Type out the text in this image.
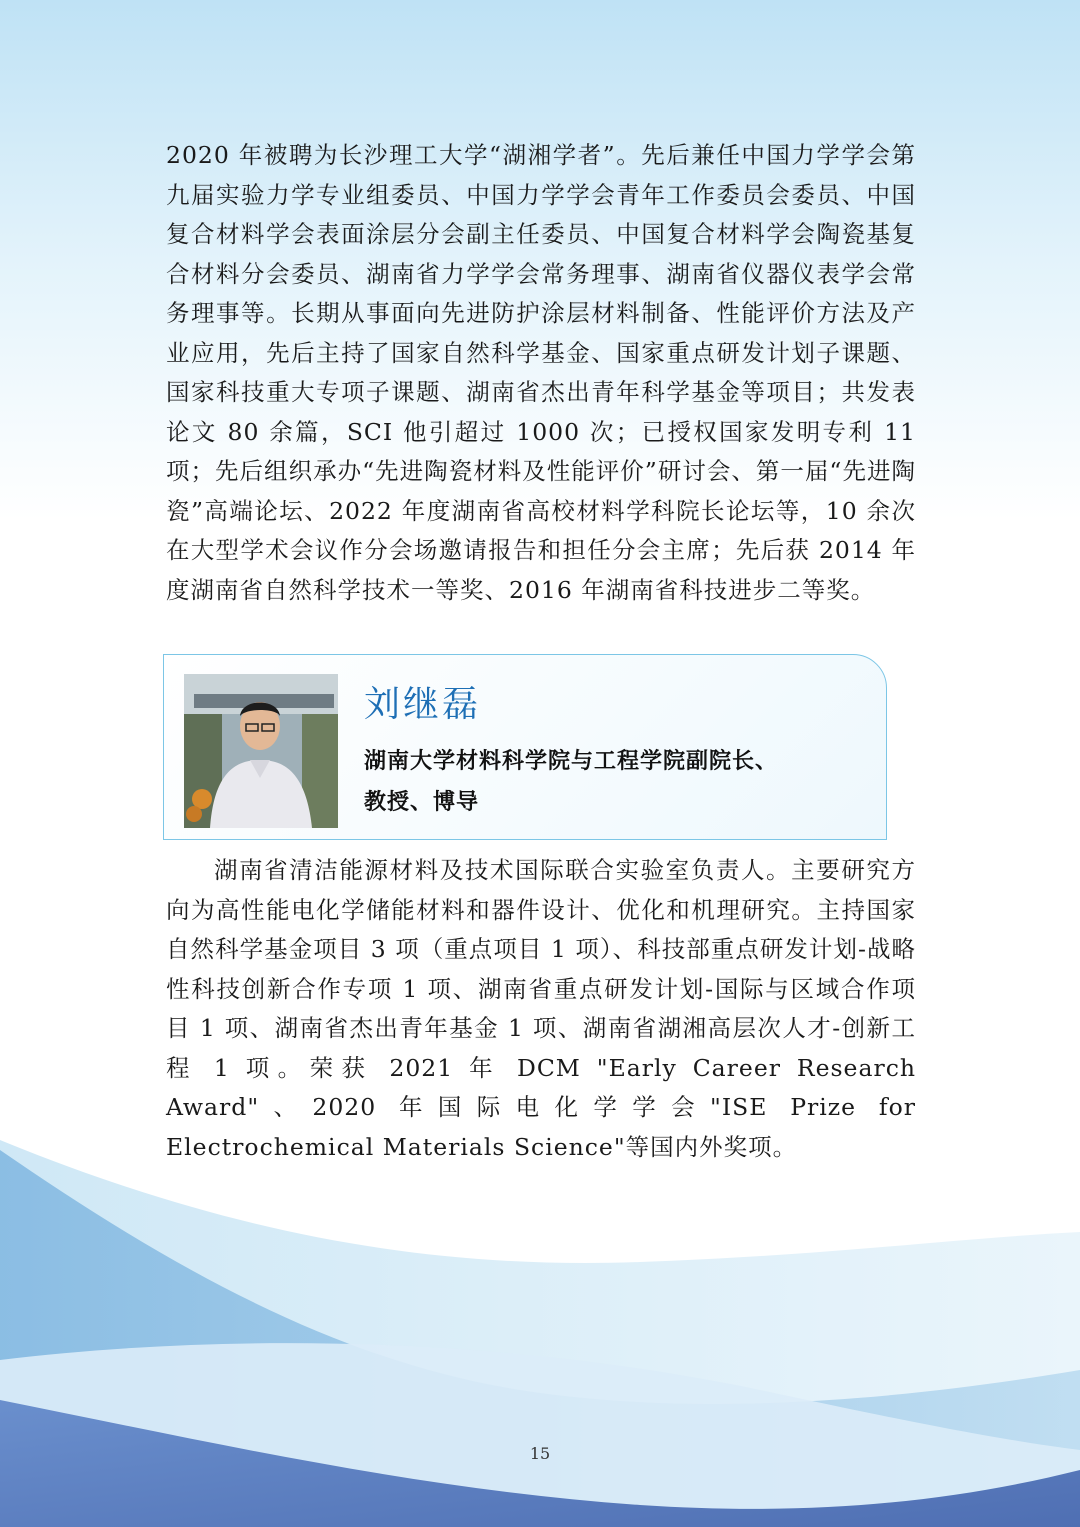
2020 年被聘为长沙理工大学“湖湘学者”。先后兼任中国力学学会第九届实验力学专业组委员、中国力学学会青年工作委员会委员、中国复合材料学会表面涂层分会副主任委员、中国复合材料学会陶瓷基复合材料分会委员、湖南省力学学会常务理事、湖南省仪器仪表学会常务理事等。长期从事面向先进防护涂层材料制备、性能评价方法及产业应用，先后主持了国家自然科学基金、国家重点研发计划子课题、国家科技重大专项子课题、湖南省杰出青年科学基金等项目；共发表论文 80 余篇，SCI 他引超过 1000 次；已授权国家发明专利 11 项；先后组织承办“先进陶瓷材料及性能评价”研讨会、第一届“先进陶瓷”高端论坛、2022 年度湖南省高校材料学科院长论坛等，10 余次在大型学术会议作分会场邀请报告和担任分会主席；先后获 2014 年度湖南省自然科学技术一等奖、2016 年湖南省科技进步二等奖。

刘继磊

湖南大学材料科学院与工程学院副院长、
教授、博导

湖南省清洁能源材料及技术国际联合实验室负责人。主要研究方向为高性能电化学储能材料和器件设计、优化和机理研究。主持国家自然科学基金项目 3 项（重点项目 1 项）、科技部重点研发计划-战略性科技创新合作专项 1 项、湖南省重点研发计划-国际与区域合作项目 1 项、湖南省杰出青年基金 1 项、湖南省湖湘高层次人才-创新工程 1 项。荣获 2021 年 DCM "Early Career Research Award"、2020 年国际电化学学会"ISE Prize for Electrochemical Materials Science"等国内外奖项。

15
